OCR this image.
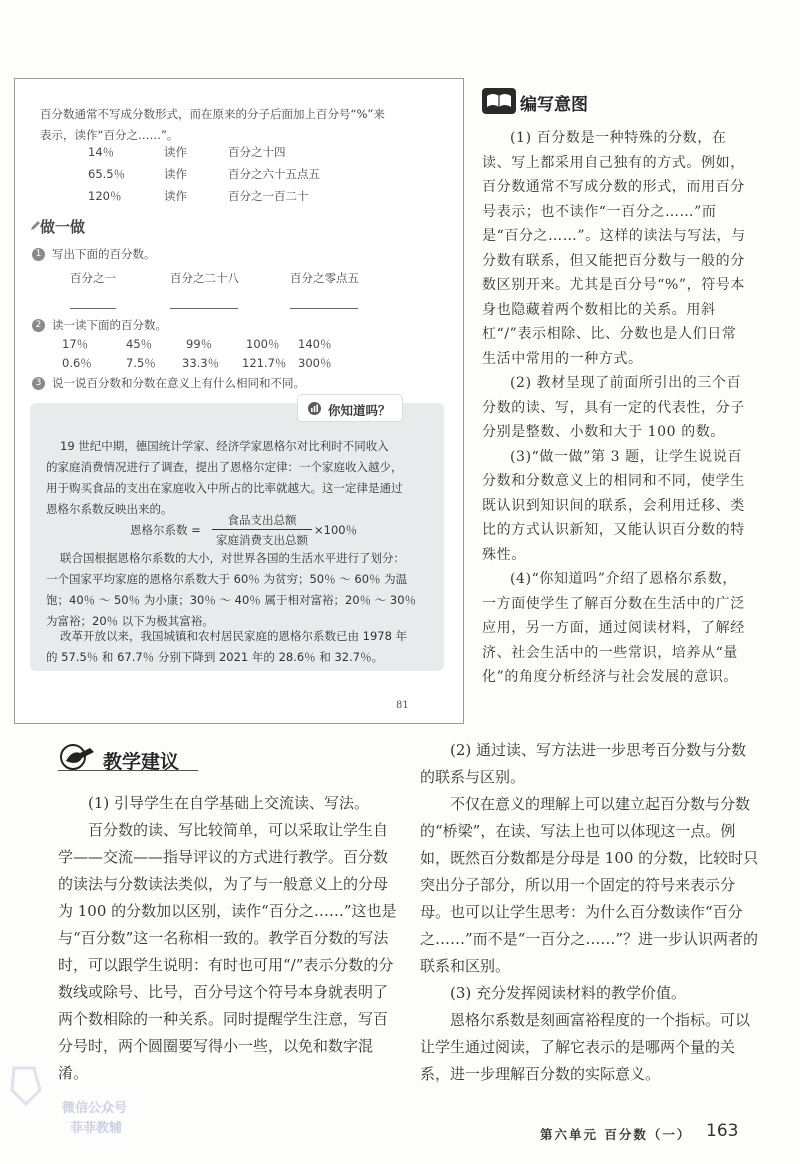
百分数通常不写成分数形式，而在原来的分子后面加上百分号“%”来
表示，读作“百分之……”。
14％	读作	百分之十四
65.5％	读作	百分之六十五点五
120％	读作	百分之一百二十
做一做
1 写出下面的百分数。
百分之一	百分之二十八	百分之零点五
2 读一读下面的百分数。
17％	45％	99％	100％ 140％
0.6％	7.5％ 33.3％ 121.7％ 300％
3 说一说百分数和分数在意义上有什么相同和不同。
你知道吗？
19 世纪中期，德国统计学家、经济学家恩格尔对比利时不同收入
的家庭消费情况进行了调查，提出了恩格尔定律：一个家庭收入越少，
用于购买食品的支出在家庭收入中所占的比率就越大。这一定律是通过
恩格尔系数反映出来的。
恩格尔系数 =
食品支出总额
家庭消费支出总额
×100％
联合国根据恩格尔系数的大小，对世界各国的生活水平进行了划分：
一个国家平均家庭的恩格尔系数大于 60％ 为贫穷；50％ ～ 60％ 为温
饱；40％ ～ 50％ 为小康；30％ ～ 40％ 属于相对富裕；20％ ～ 30％
为富裕；20％ 以下为极其富裕。
改革开放以来，我国城镇和农村居民家庭的恩格尔系数已由 1978 年
的 57.5％ 和 67.7％ 分别下降到 2021 年的 28.6％ 和 32.7％。
81
编写意图

(1) 百分数是一种特殊的分数，在读、写上都采用自己独有的方式。例如，百分数通常不写成分数的形式，而用百分号表示；也不读作“一百分之……”而是“百分之……”。这样的读法与写法，与分数有联系，但又能把百分数与一般的分数区别开来。尤其是百分号“%”，符号本身也隐藏着两个数相比的关系。用斜杠“/”表示相除、比、分数也是人们日常生活中常用的一种方式。

(2) 教材呈现了前面所引出的三个百分数的读、写，具有一定的代表性，分子分别是整数、小数和大于 100 的数。

(3)“做一做”第 3 题，让学生说说百分数和分数意义上的相同和不同，使学生既认识到知识间的联系，会利用迁移、类比的方式认识新知，又能认识百分数的特殊性。

(4)“你知道吗”介绍了恩格尔系数，一方面使学生了解百分数在生活中的广泛应用，另一方面，通过阅读材料，了解经济、社会生活中的一些常识，培养从“量化”的角度分析经济与社会发展的意识。

教学建议

(1) 引导学生在自学基础上交流读、写法。

百分数的读、写比较简单，可以采取让学生自学——交流——指导评议的方式进行教学。百分数的读法与分数读法类似，为了与一般意义上的分母为 100 的分数加以区别，读作“百分之……”这也是与“百分数”这一名称相一致的。教学百分数的写法时，可以跟学生说明：有时也可用“/”表示分数的分数线或除号、比号，百分号这个符号本身就表明了两个数相除的一种关系。同时提醒学生注意，写百分号时，两个圆圈要写得小一些，以免和数字混淆。

(2) 通过读、写方法进一步思考百分数与分数的联系与区别。

不仅在意义的理解上可以建立起百分数与分数的“桥梁”，在读、写法上也可以体现这一点。例如，既然百分数都是分母是 100 的分数，比较时只突出分子部分，所以用一个固定的符号来表示分母。也可以让学生思考：为什么百分数读作“百分之……”而不是“一百分之……”？进一步认识两者的联系和区别。

(3) 充分发挥阅读材料的教学价值。

恩格尔系数是刻画富裕程度的一个指标。可以让学生通过阅读，了解它表示的是哪两个量的关系，进一步理解百分数的实际意义。

微信公众号
菲菲教辅	第六单元 百分数（一） 163
